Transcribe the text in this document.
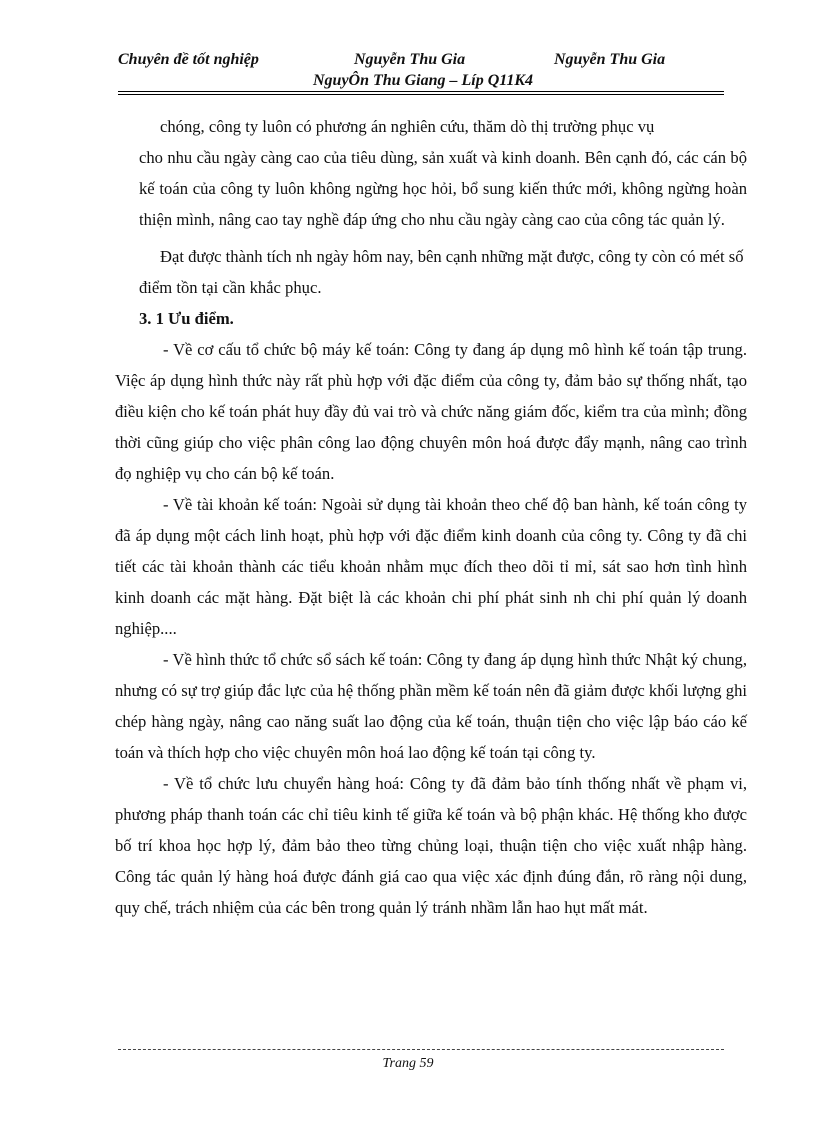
Chuyên đề tốt nghiệp	Nguyễn Thu Gia	Nguyễn Thu Gia
NguyÔn Thu Giang – Líp Q11K4

chóng, công ty luôn có phương án nghiên cứu, thăm dò thị trường phục vụ
cho nhu cầu ngày càng cao của tiêu dùng, sản xuất và kinh doanh. Bên cạnh đó, các cán bộ kế toán của công ty luôn không ngừng học hỏi, bổ sung kiến thức mới, không ngừng hoàn thiện mình, nâng cao tay nghề đáp ứng cho nhu cầu ngày càng cao của công tác quản lý.

Đạt được thành tích nh ngày hôm nay, bên cạnh những mặt được, công ty còn có mét số điểm tồn tại cần khắc phục.

3. 1 Ưu điểm.

- Về cơ cấu tổ chức bộ máy kế toán: Công ty đang áp dụng mô hình kế toán tập trung. Việc áp dụng hình thức này rất phù hợp với đặc điểm của công ty, đảm bảo sự thống nhất, tạo điều kiện cho kế toán phát huy đầy đủ vai trò và chức năng giám đốc, kiểm tra của mình; đồng thời cũng giúp cho việc phân công lao động chuyên môn hoá được đẩy mạnh, nâng cao trình đọ nghiệp vụ cho cán bộ kế toán.

- Về tài khoản kế toán: Ngoài sử dụng tài khoản theo chế độ ban hành, kế toán công ty đã áp dụng một cách linh hoạt, phù hợp với đặc điểm kinh doanh của công ty. Công ty đã chi tiết các tài khoản thành các tiểu khoản nhằm mục đích theo dõi tỉ mỉ, sát sao hơn tình hình kinh doanh các mặt hàng. Đặt biệt là các khoản chi phí phát sinh nh chi phí quản lý doanh nghiệp....

- Về hình thức tổ chức sổ sách kế toán: Công ty đang áp dụng hình thức Nhật ký chung, nhưng có sự trợ giúp đắc lực của hệ thống phần mềm kế toán nên đã giảm được khối lượng ghi chép hàng ngày, nâng cao năng suất lao động của kế toán, thuận tiện cho việc lập báo cáo kế toán và thích hợp cho việc chuyên môn hoá lao động kế toán tại công ty.

- Về tổ chức lưu chuyển hàng hoá: Công ty đã đảm bảo tính thống nhất về phạm vi, phương pháp thanh toán các chỉ tiêu kinh tế giữa kế toán và bộ phận khác. Hệ thống kho được bố trí khoa học hợp lý, đảm bảo theo từng chủng loại, thuận tiện cho việc xuất nhập hàng. Công tác quản lý hàng hoá được đánh giá cao qua việc xác định đúng đắn, rõ ràng nội dung, quy chế, trách nhiệm của các bên trong quản lý tránh nhầm lẫn hao hụt mất mát.

Trang 59
